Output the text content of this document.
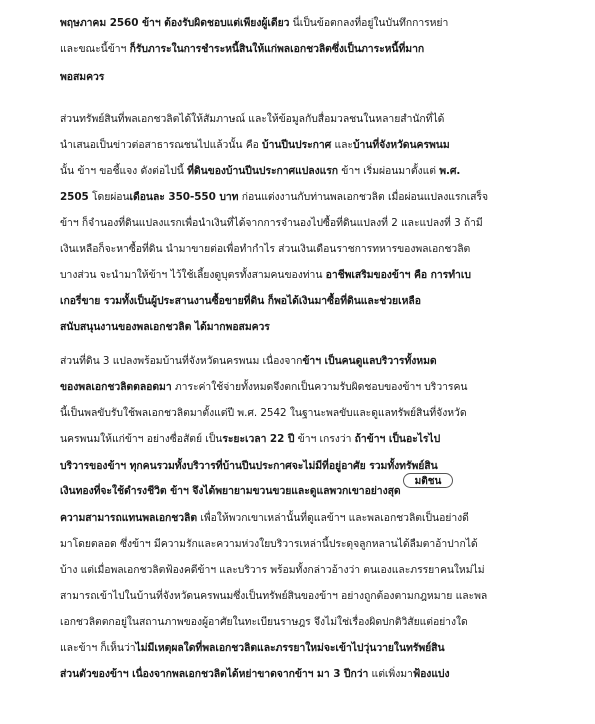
พฤษภาคม 2560 ข้าฯ ต้องรับผิดชอบแต่เพียงผู้เดียว นี่เป็นข้อตกลงที่อยู่ในบันทึกการหย่า
และขณะนี้ข้าฯ ก็รับภาระในการชำระหนี้สินให้แก่พลเอกชวลิตซึ่งเป็นภาระหนี้ที่มาก
พอสมควร
ส่วนทรัพย์สินที่พลเอกชวลิตได้ให้สัมภาษณ์ และให้ข้อมูลกับสื่อมวลชนในหลายสำนักที่ได้
นำเสนอเป็นข่าวต่อสาธารณชนไปแล้วนั้น คือ บ้านปีนประกาศ และบ้านที่จังหวัดนครพนม
นั้น ข้าฯ ขอชี้แจง ดังต่อไปนี้ ที่ดินของบ้านปีนประกาศแปลงแรก ข้าฯ เริ่มผ่อนมาตั้งแต่ พ.ศ.
2505 โดยผ่อนเดือนละ 350-550 บาท ก่อนแต่งงานกับท่านพลเอกชวลิต เมื่อผ่อนแปลงแรกเสร็จ
ข้าฯ ก็จำนองที่ดินแปลงแรกเพื่อนำเงินที่ได้จากการจำนองไปซื้อที่ดินแปลงที่ 2 และแปลงที่ 3 ถ้ามี
เงินเหลือก็จะหาซื้อที่ดิน นำมาขายต่อเพื่อทำกำไร ส่วนเงินเดือนราชการทหารของพลเอกชวลิต
บางส่วน จะนำมาให้ข้าฯ ไว้ใช้เลี้ยงดูบุตรทั้งสามคนของท่าน อาชีพเสริมของข้าฯ คือ การทำเบ
เกอรี่ขาย รวมทั้งเป็นผู้ประสานงานซื้อขายที่ดิน ก็พอได้เงินมาซื้อที่ดินและช่วยเหลือ
สนับสนุนงานของพลเอกชวลิต ได้มากพอสมควร
ส่วนที่ดิน 3 แปลงพร้อมบ้านที่จังหวัดนครพนม เนื่องจากข้าฯ เป็นคนดูแลบริวารทั้งหมด
ของพลเอกชวลิตตลอดมา ภาระค่าใช้จ่ายทั้งหมดจึงตกเป็นความรับผิดชอบของข้าฯ บริวารคน
นี้เป็นพลขับรับใช้พลเอกชวลิตมาตั้งแต่ปี พ.ศ. 2542 ในฐานะพลขับและดูแลทรัพย์สินที่จังหวัด
นครพนมให้แก่ข้าฯ อย่างซื่อสัตย์ เป็นระยะเวลา 22 ปี ข้าฯ เกรงว่า ถ้าข้าฯ เป็นอะไรไป
บริวารของข้าฯ ทุกคนรวมทั้งบริวารที่บ้านปีนประกาศจะไม่มีที่อยู่อาศัย รวมทั้งทรัพย์สิน
เงินทองที่จะใช้ดำรงชีวิต ข้าฯ จึงได้พยายามขวนขวยและดูแลพวกเขาอย่างสุด
ความสามารถแทนพลเอกชวลิต เพื่อให้พวกเขาเหล่านั้นที่ดูแลข้าฯ และพลเอกชวลิตเป็นอย่างดี
มาโดยตลอด ซึ่งข้าฯ มีความรักและความห่วงใยบริวารเหล่านี้ประดุจลูกหลานได้ลืมตาอ้าปากได้
บ้าง แต่เมื่อพลเอกชวลิตฟ้องคดีข้าฯ และบริวาร พร้อมทั้งกล่าวอ้างว่า ตนเองและภรรยาคนใหม่ไม่
สามารถเข้าไปในบ้านที่จังหวัดนครพนมซึ่งเป็นทรัพย์สินของข้าฯ อย่างถูกต้องตามกฎหมาย และพล
เอกชวลิตตกอยู่ในสถานภาพของผู้อาศัยในทะเบียนราษฎร จึงไม่ใช่เรื่องผิดปกติวิสัยแต่อย่างใด
และข้าฯ ก็เห็นว่าไม่มีเหตุผลใดที่พลเอกชวลิตและภรรยาใหม่จะเข้าไปวุ่นวายในทรัพย์สิน
ส่วนตัวของข้าฯ เนื่องจากพลเอกชวลิตได้หย่าขาดจากข้าฯ มา 3 ปีกว่า แต่เพิ่งมาฟ้องแบ่ง
มติชน
